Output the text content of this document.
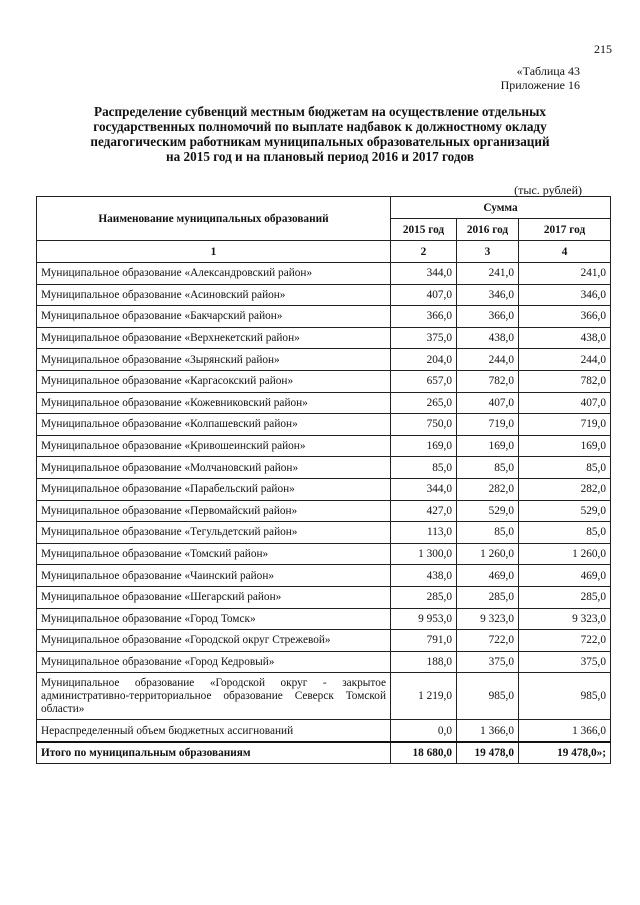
215
«Таблица 43
Приложение 16
Распределение субвенций местным бюджетам на осуществление отдельных
государственных полномочий по выплате надбавок к должностному окладу
педагогическим работникам муниципальных образовательных организаций
на 2015 год и на плановый период 2016 и 2017 годов
(тыс. рублей)
Наименование муниципальных образований	Сумма		
	2015 год	2016 год	2017 год
1	2	3	4
Муниципальное образование «Александровский район»	344,0	241,0	241,0
Муниципальное образование «Асиновский район»	407,0	346,0	346,0
Муниципальное образование «Бакчарский район»	366,0	366,0	366,0
Муниципальное образование «Верхнекетский район»	375,0	438,0	438,0
Муниципальное образование «Зырянский район»	204,0	244,0	244,0
Муниципальное образование «Каргасокский район»	657,0	782,0	782,0
Муниципальное образование «Кожевниковский район»	265,0	407,0	407,0
Муниципальное образование «Колпашевский район»	750,0	719,0	719,0
Муниципальное образование «Кривошеинский район»	169,0	169,0	169,0
Муниципальное образование «Молчановский район»	85,0	85,0	85,0
Муниципальное образование «Парабельский район»	344,0	282,0	282,0
Муниципальное образование «Первомайский район»	427,0	529,0	529,0
Муниципальное образование «Тегульдетский район»	113,0	85,0	85,0
Муниципальное образование «Томский район»	1 300,0	1 260,0	1 260,0
Муниципальное образование «Чаинский район»	438,0	469,0	469,0
Муниципальное образование «Шегарский район»	285,0	285,0	285,0
Муниципальное образование «Город Томск»	9 953,0	9 323,0	9 323,0
Муниципальное образование «Городской округ Стрежевой»	791,0	722,0	722,0
Муниципальное образование «Город Кедровый»	188,0	375,0	375,0
Муниципальное образование «Городской округ - закрытое административно-территориальное образование Северск Томской области»	1 219,0	985,0	985,0
Нераспределенный объем бюджетных ассигнований	0,0	1 366,0	1 366,0
Итого по муниципальным образованиям	18 680,0	19 478,0	19 478,0»;
